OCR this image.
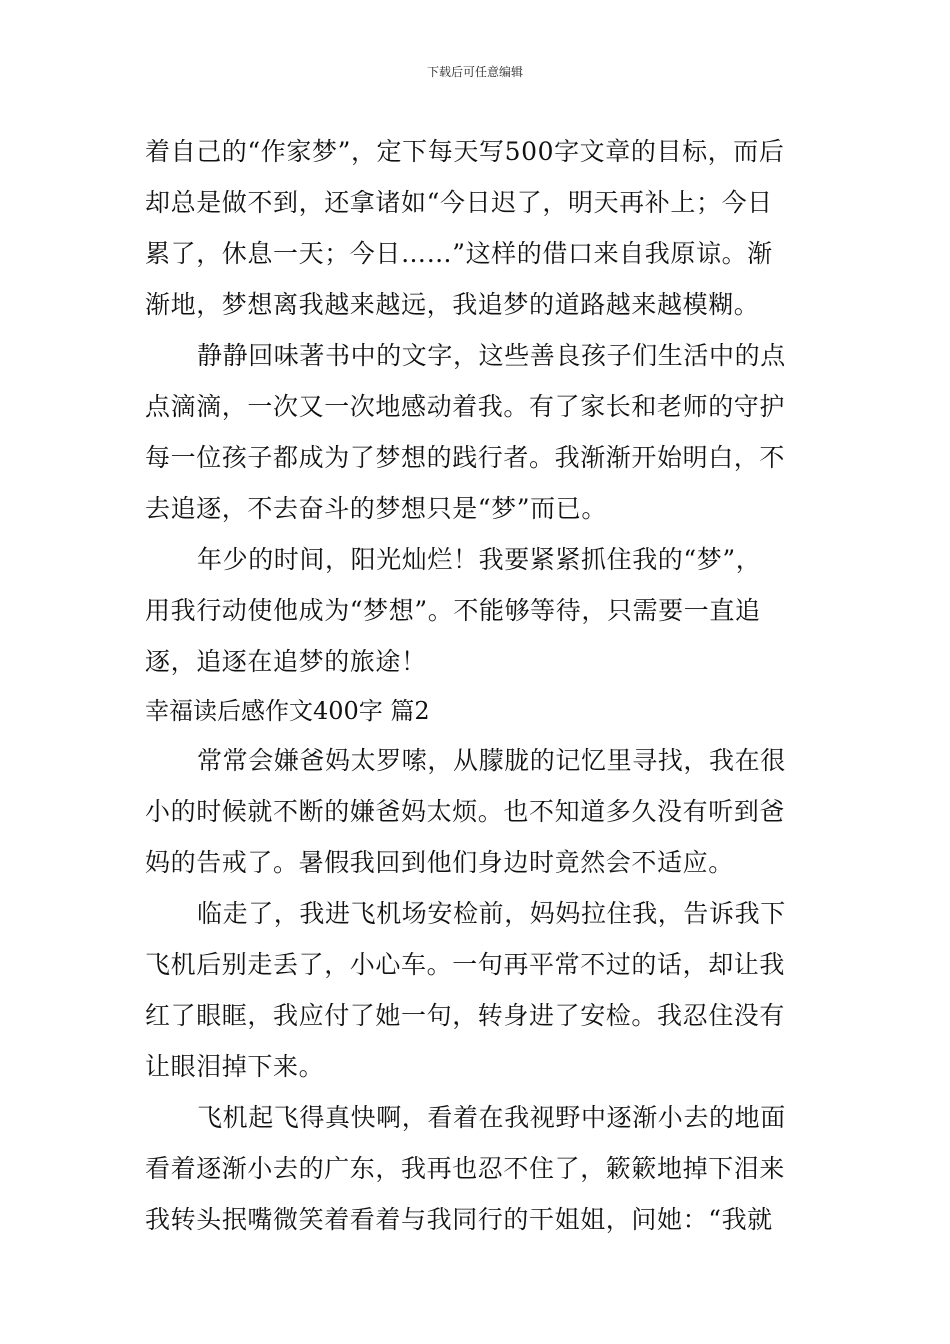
下载后可任意编辑
着自己的“作家梦”，定下每天写500字文章的目标，而后
却总是做不到，还拿诸如“今日迟了，明天再补上；今日
累了，休息一天；今日……”这样的借口来自我原谅。渐
渐地，梦想离我越来越远，我追梦的道路越来越模糊。
静静回味著书中的文字，这些善良孩子们生活中的点
点滴滴，一次又一次地感动着我。有了家长和老师的守护
每一位孩子都成为了梦想的践行者。我渐渐开始明白，不
去追逐，不去奋斗的梦想只是“梦”而已。
年少的时间，阳光灿烂！我要紧紧抓住我的“梦”，
用我行动使他成为“梦想”。不能够等待，只需要一直追
逐，追逐在追梦的旅途！
幸福读后感作文400字 篇2
常常会嫌爸妈太罗嗦，从朦胧的记忆里寻找，我在很
小的时候就不断的嫌爸妈太烦。也不知道多久没有听到爸
妈的告戒了。暑假我回到他们身边时竟然会不适应。
临走了，我进飞机场安检前，妈妈拉住我，告诉我下
飞机后别走丢了，小心车。一句再平常不过的话，却让我
红了眼眶，我应付了她一句，转身进了安检。我忍住没有
让眼泪掉下来。
飞机起飞得真快啊，看着在我视野中逐渐小去的地面
看着逐渐小去的广东，我再也忍不住了，簌簌地掉下泪来
我转头抿嘴微笑着看着与我同行的干姐姐，问她：“我就
